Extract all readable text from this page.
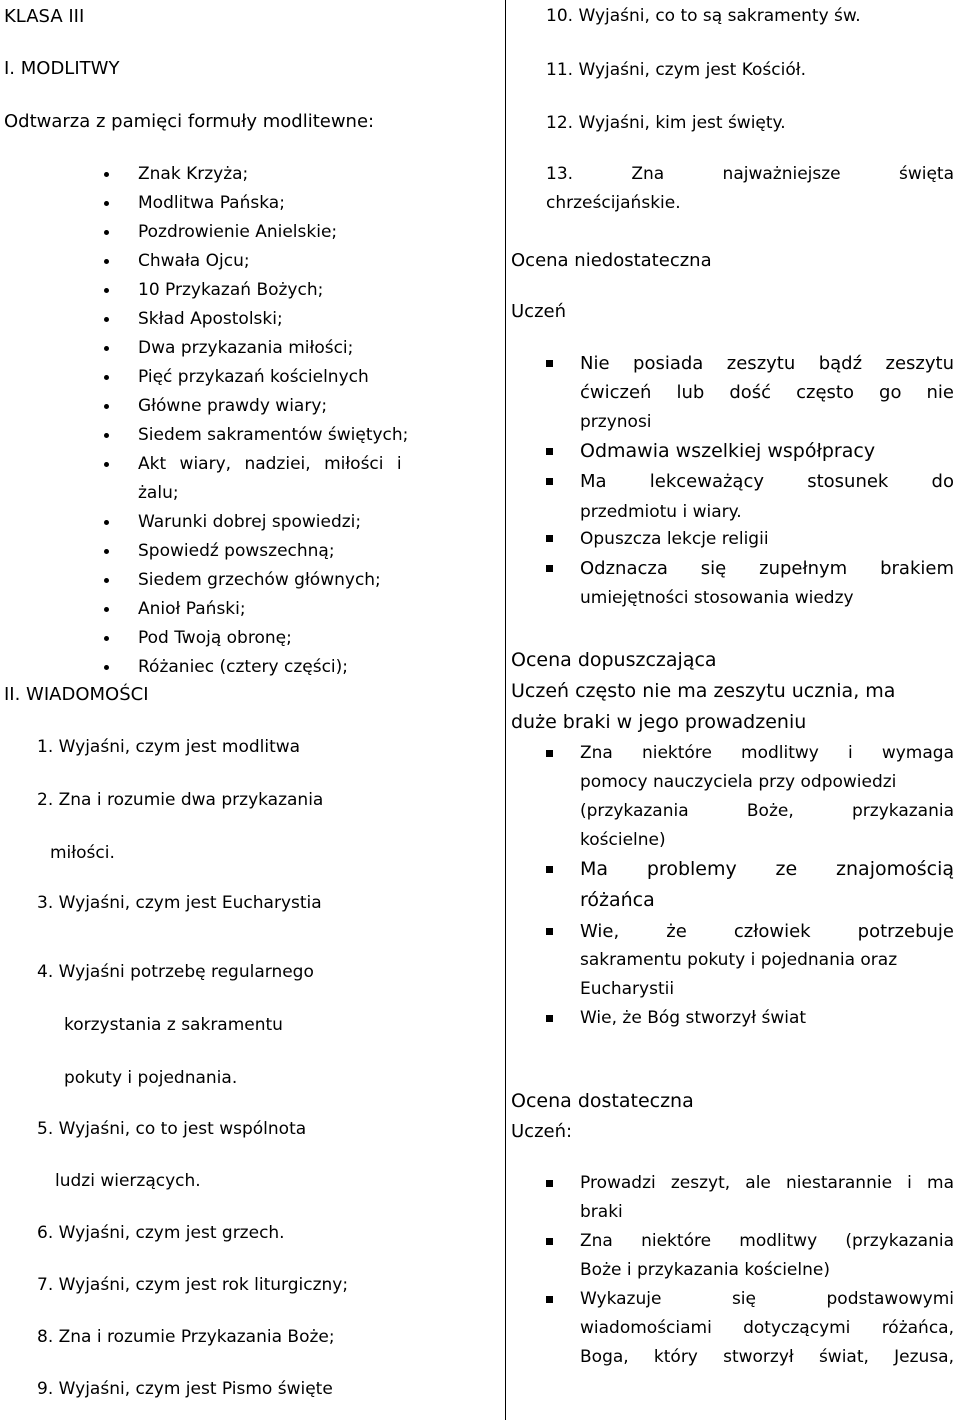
KLASA III
I. MODLITWY
Odtwarza z pamięci formuły modlitewne:
Znak Krzyża;
Modlitwa Pańska;
Pozdrowienie Anielskie;
Chwała Ojcu;
10 Przykazań Bożych;
Skład Apostolski;
Dwa przykazania miłości;
Pięć przykazań kościelnych
Główne prawdy wiary;
Siedem sakramentów świętych;
Akt wiary, nadziei, miłości i
żalu;
Warunki dobrej spowiedzi;
Spowiedź powszechną;
Siedem grzechów głównych;
Anioł Pański;
Pod Twoją obronę;
Różaniec (cztery części);
II. WIADOMOŚCI
1. Wyjaśni, czym jest modlitwa
2. Zna i rozumie dwa przykazania
miłości.
3. Wyjaśni, czym jest Eucharystia
4. Wyjaśni potrzebę regularnego
korzystania z sakramentu
pokuty i pojednania.
5. Wyjaśni, co to jest wspólnota
ludzi wierzących.
6. Wyjaśni, czym jest grzech.
7. Wyjaśni, czym jest rok liturgiczny;
8. Zna i rozumie Przykazania Boże;
9. Wyjaśni, czym jest Pismo święte
10. Wyjaśni, co to są sakramenty św.
11. Wyjaśni, czym jest Kościół.
12. Wyjaśni, kim jest święty.
13. Zna najważniejsze święta
chrześcijańskie.
Ocena niedostateczna
Uczeń
Nie posiada zeszytu bądź zeszytu
ćwiczeń lub dość często go nie
przynosi
Odmawia wszelkiej współpracy
Ma lekceważący stosunek do
przedmiotu i wiary.
Opuszcza lekcje religii
Odznacza się zupełnym brakiem
umiejętności stosowania wiedzy
Ocena dopuszczająca
Uczeń często nie ma zeszytu ucznia, ma
duże braki w jego prowadzeniu
Zna niektóre modlitwy i wymaga
pomocy nauczyciela przy odpowiedzi
(przykazania Boże, przykazania
kościelne)
Ma problemy ze znajomością
różańca
Wie, że człowiek potrzebuje
sakramentu pokuty i pojednania oraz
Eucharystii
Wie, że Bóg stworzył świat
Ocena dostateczna
Uczeń:
Prowadzi zeszyt, ale niestarannie i ma
braki
Zna niektóre modlitwy (przykazania
Boże i przykazania kościelne)
Wykazuje się podstawowymi
wiadomościami dotyczącymi różańca,
Boga, który stworzył świat, Jezusa,
